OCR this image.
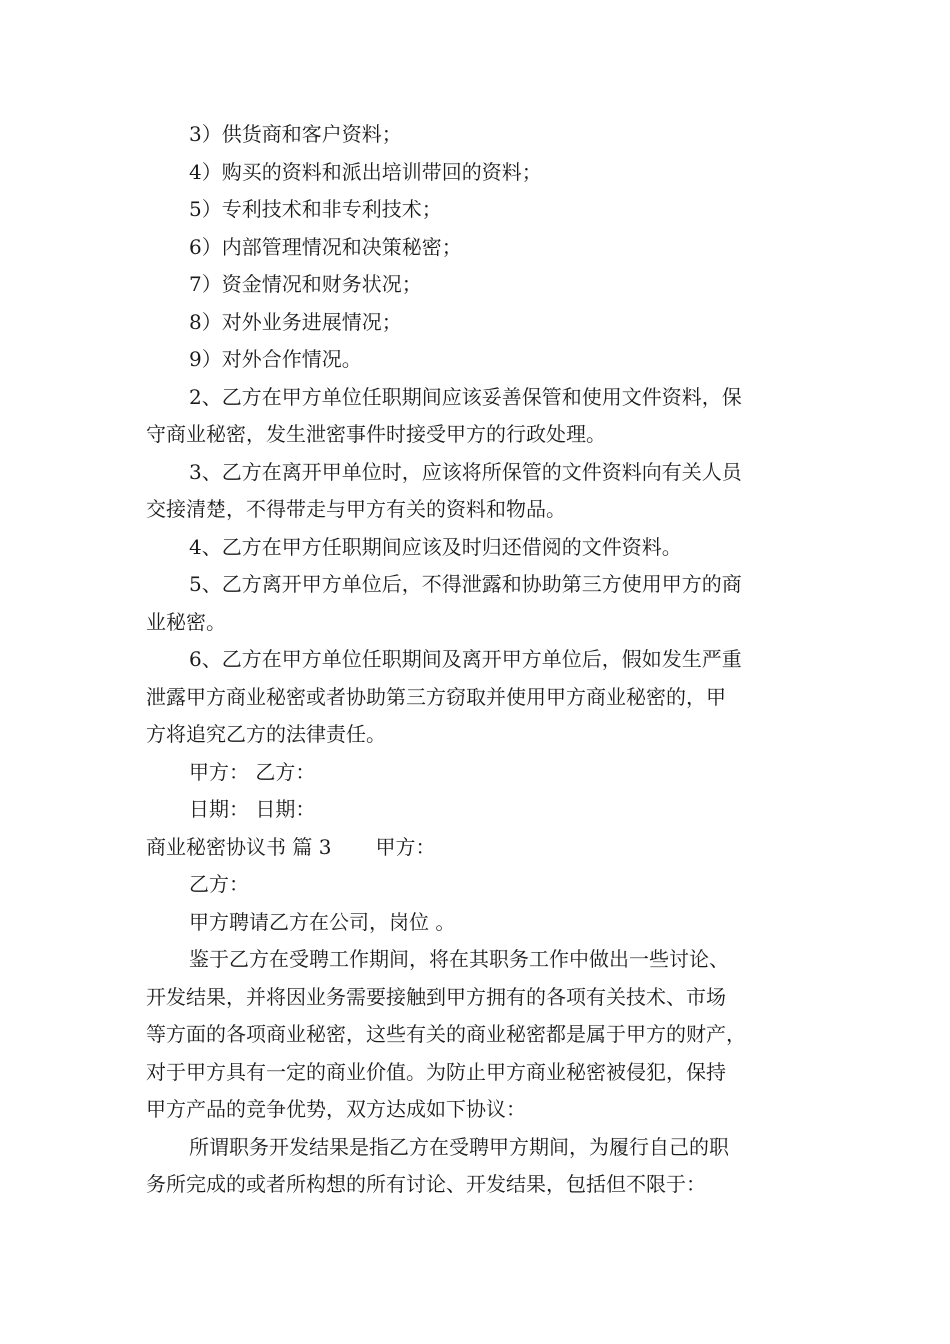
3）供货商和客户资料；
4）购买的资料和派出培训带回的资料；
5）专利技术和非专利技术；
6）内部管理情况和决策秘密；
7）资金情况和财务状况；
8）对外业务进展情况；
9）对外合作情况。
2、乙方在甲方单位任职期间应该妥善保管和使用文件资料，保
守商业秘密，发生泄密事件时接受甲方的行政处理。
3、乙方在离开甲单位时，应该将所保管的文件资料向有关人员
交接清楚，不得带走与甲方有关的资料和物品。
4、乙方在甲方任职期间应该及时归还借阅的文件资料。
5、乙方离开甲方单位后，不得泄露和协助第三方使用甲方的商
业秘密。
6、乙方在甲方单位任职期间及离开甲方单位后，假如发生严重
泄露甲方商业秘密或者协助第三方窃取并使用甲方商业秘密的，甲
方将追究乙方的法律责任。
甲方： 乙方：
日期： 日期：
商业秘密协议书 篇 3 甲方：
乙方：
甲方聘请乙方在公司，岗位 。
鉴于乙方在受聘工作期间，将在其职务工作中做出一些讨论、
开发结果，并将因业务需要接触到甲方拥有的各项有关技术、市场
等方面的各项商业秘密，这些有关的商业秘密都是属于甲方的财产，
对于甲方具有一定的商业价值。为防止甲方商业秘密被侵犯，保持
甲方产品的竞争优势，双方达成如下协议：
所谓职务开发结果是指乙方在受聘甲方期间，为履行自己的职
务所完成的或者所构想的所有讨论、开发结果，包括但不限于：
